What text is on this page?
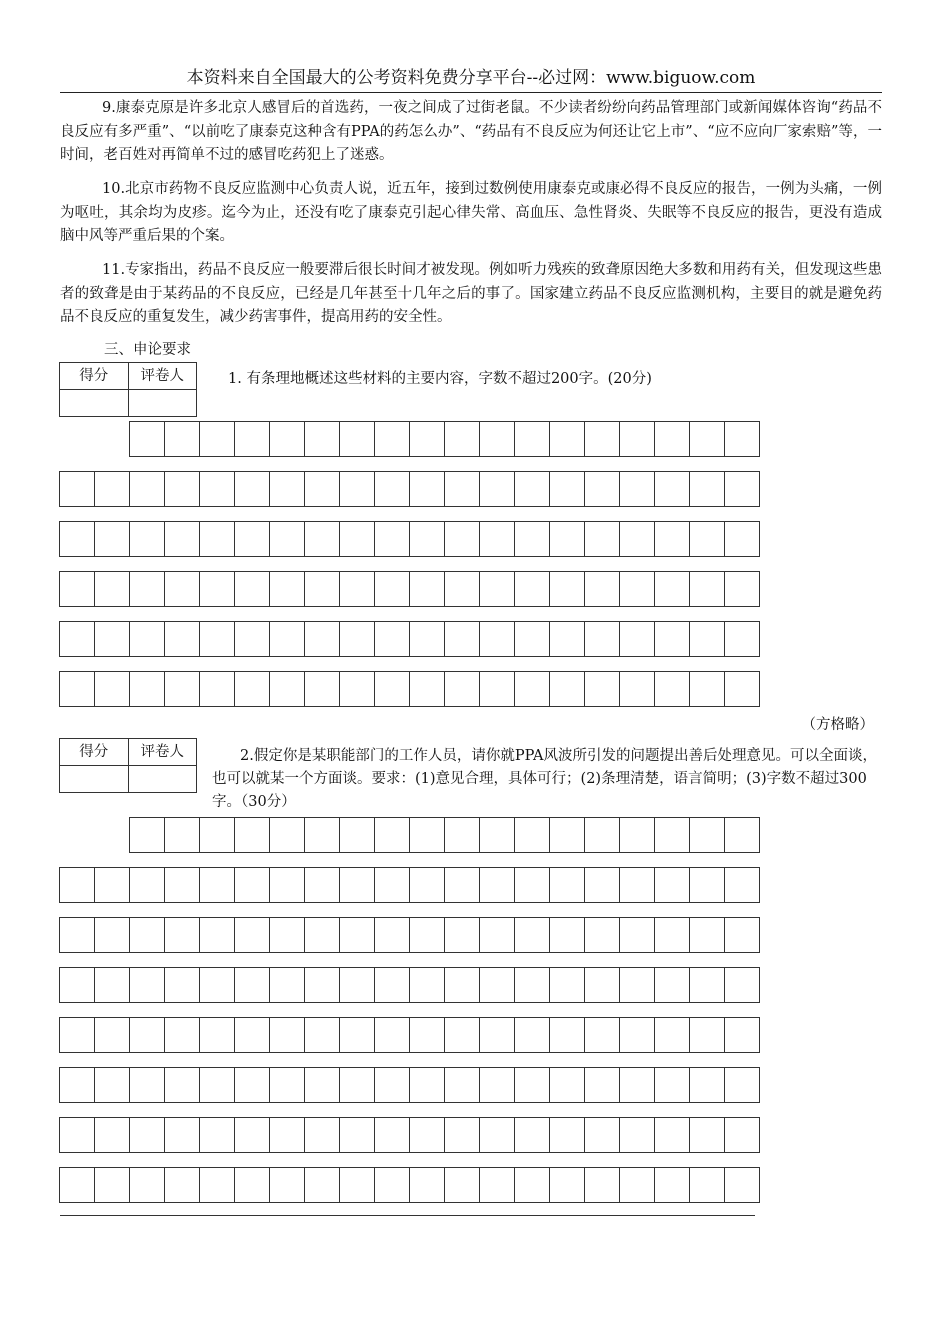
本资料来自全国最大的公考资料免费分享平台--必过网：www.biguow.com

9.康泰克原是许多北京人感冒后的首选药，一夜之间成了过街老鼠。不少读者纷纷向药品管理部门或新闻媒体咨询“药品不良反应有多严重”、“以前吃了康泰克这种含有PPA的药怎么办”、“药品有不良反应为何还让它上市”、“应不应向厂家索赔”等，一时间，老百姓对再简单不过的感冒吃药犯上了迷惑。

10.北京市药物不良反应监测中心负责人说，近五年，接到过数例使用康泰克或康必得不良反应的报告，一例为头痛，一例为呕吐，其余均为皮疹。迄今为止，还没有吃了康泰克引起心律失常、高血压、急性肾炎、失眠等不良反应的报告，更没有造成脑中风等严重后果的个案。

11.专家指出，药品不良反应一般要滞后很长时间才被发现。例如听力残疾的致聋原因绝大多数和用药有关，但发现这些患者的致聋是由于某药品的不良反应，已经是几年甚至十几年之后的事了。国家建立药品不良反应监测机构，主要目的就是避免药品不良反应的重复发生，减少药害事件，提高用药的安全性。

三、申论要求
得分	评卷人
		1. 有条理地概述这些材料的主要内容，字数不超过200字。(20分)

（方格略）
得分	评卷人
		2.假定你是某职能部门的工作人员，请你就PPA风波所引发的问题提出善后处理意见。可以全面谈，也可以就某一个方面谈。要求：(1)意见合理，具体可行；(2)条理清楚，语言简明；(3)字数不超过300字。（30分）
